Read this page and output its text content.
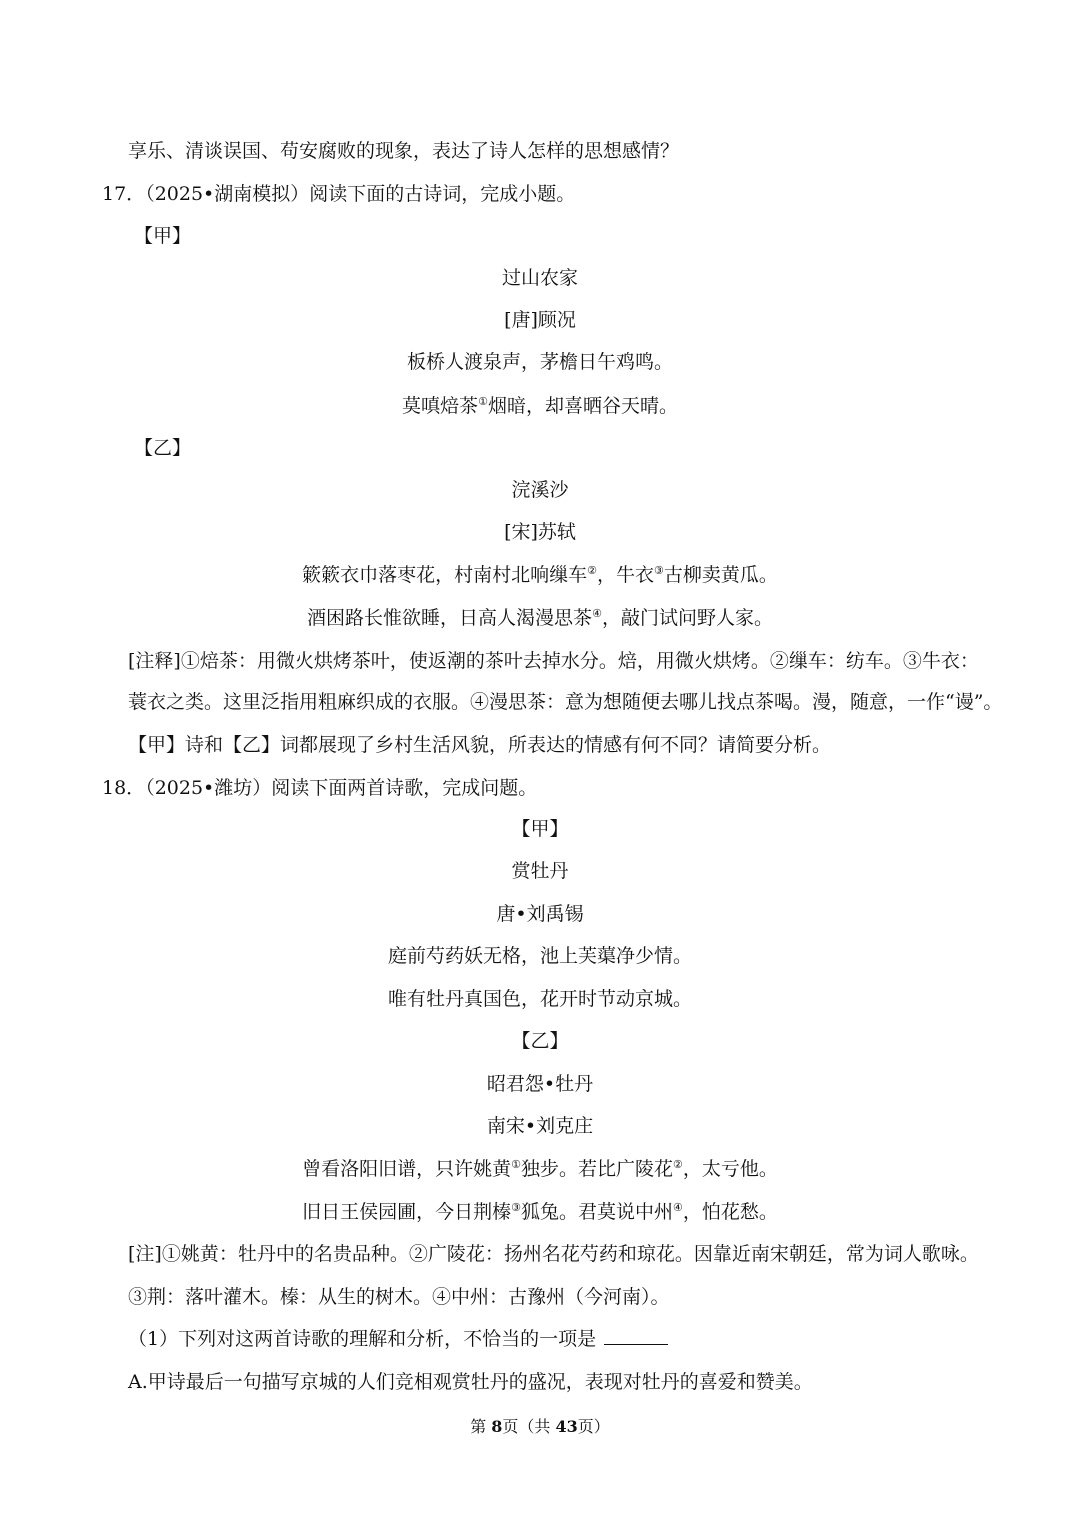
享乐、清谈误国、苟安腐败的现象，表达了诗人怎样的思想感情？
17．（2025•湖南模拟）阅读下面的古诗词，完成小题。
【甲】
过山农家
[唐]顾况
板桥人渡泉声，茅檐日午鸡鸣。
莫嗔焙茶①烟暗，却喜晒谷天晴。
【乙】
浣溪沙
[宋]苏轼
簌簌衣巾落枣花，村南村北响缫车②，牛衣③古柳卖黄瓜。
酒困路长惟欲睡，日高人渴漫思茶④，敲门试问野人家。
[注释]①焙茶：用微火烘烤茶叶，使返潮的茶叶去掉水分。焙，用微火烘烤。②缫车：纺车。③牛衣：
蓑衣之类。这里泛指用粗麻织成的衣服。④漫思茶：意为想随便去哪儿找点茶喝。漫，随意，一作“谩”。
【甲】诗和【乙】词都展现了乡村生活风貌，所表达的情感有何不同？请简要分析。
18．（2025•潍坊）阅读下面两首诗歌，完成问题。
【甲】
赏牡丹
唐•刘禹锡
庭前芍药妖无格，池上芙蕖净少情。
唯有牡丹真国色，花开时节动京城。
【乙】
昭君怨•牡丹
南宋•刘克庄
曾看洛阳旧谱，只许姚黄①独步。若比广陵花②，太亏他。
旧日王侯园圃，今日荆榛③狐兔。君莫说中州④，怕花愁。
[注]①姚黄：牡丹中的名贵品种。②广陵花：扬州名花芍药和琼花。因靠近南宋朝廷，常为词人歌咏。
③荆：落叶灌木。榛：从生的树木。④中州：古豫州（今河南）。
（1）下列对这两首诗歌的理解和分析，不恰当的一项是
A.甲诗最后一句描写京城的人们竞相观赏牡丹的盛况，表现对牡丹的喜爱和赞美。
第 8页（共 43页）
